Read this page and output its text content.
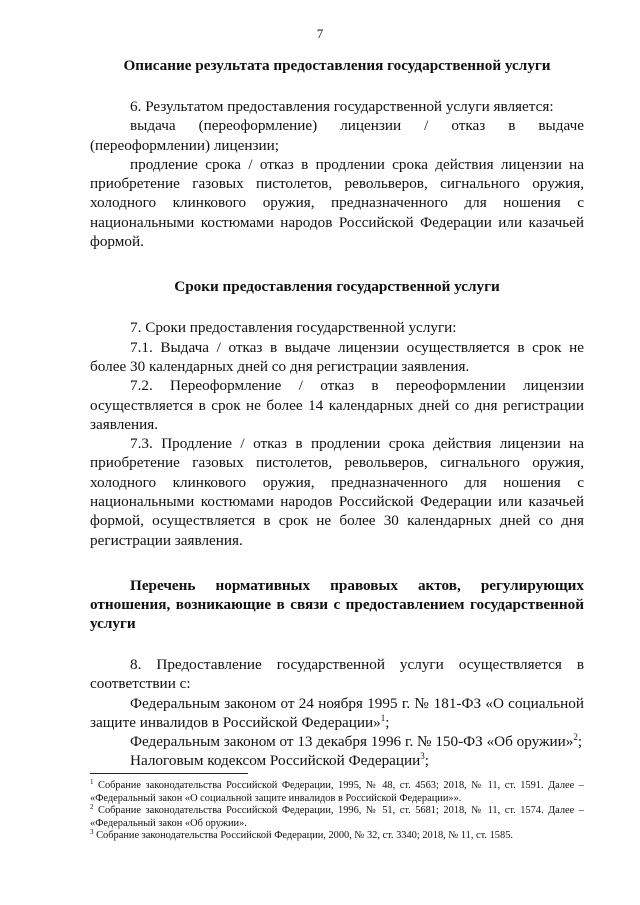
7

Описание результата предоставления государственной услуги

6. Результатом предоставления государственной услуги является:

выдача (переоформление) лицензии / отказ в выдаче (переоформлении) лицензии;

продление срока / отказ в продлении срока действия лицензии на приобретение газовых пистолетов, револьверов, сигнального оружия, холодного клинкового оружия, предназначенного для ношения с национальными костюмами народов Российской Федерации или казачьей формой.

Сроки предоставления государственной услуги

7. Сроки предоставления государственной услуги:

7.1. Выдача / отказ в выдаче лицензии осуществляется в срок не более 30 календарных дней со дня регистрации заявления.

7.2. Переоформление / отказ в переоформлении лицензии осуществляется в срок не более 14 календарных дней со дня регистрации заявления.

7.3. Продление / отказ в продлении срока действия лицензии на приобретение газовых пистолетов, револьверов, сигнального оружия, холодного клинкового оружия, предназначенного для ношения с национальными костюмами народов Российской Федерации или казачьей формой, осуществляется в срок не более 30 календарных дней со дня регистрации заявления.

Перечень нормативных правовых актов, регулирующих отношения, возникающие в связи с предоставлением государственной услуги

8. Предоставление государственной услуги осуществляется в соответствии с:

Федеральным законом от 24 ноября 1995 г. № 181-ФЗ «О социальной защите инвалидов в Российской Федерации»$^1$;

Федеральным законом от 13 декабря 1996 г. № 150-ФЗ «Об оружии»$^2$;

Налоговым кодексом Российской Федерации$^3$;

$^1$ Собрание законодательства Российской Федерации, 1995, № 48, ст. 4563; 2018, № 11, ст. 1591. Далее – «Федеральный закон «О социальной защите инвалидов в Российской Федерации»».

$^2$ Собрание законодательства Российской Федерации, 1996, № 51, ст. 5681; 2018, № 11, ст. 1574. Далее – «Федеральный закон «Об оружии».

$^3$ Собрание законодательства Российской Федерации, 2000, № 32, ст. 3340; 2018, № 11, ст. 1585.
